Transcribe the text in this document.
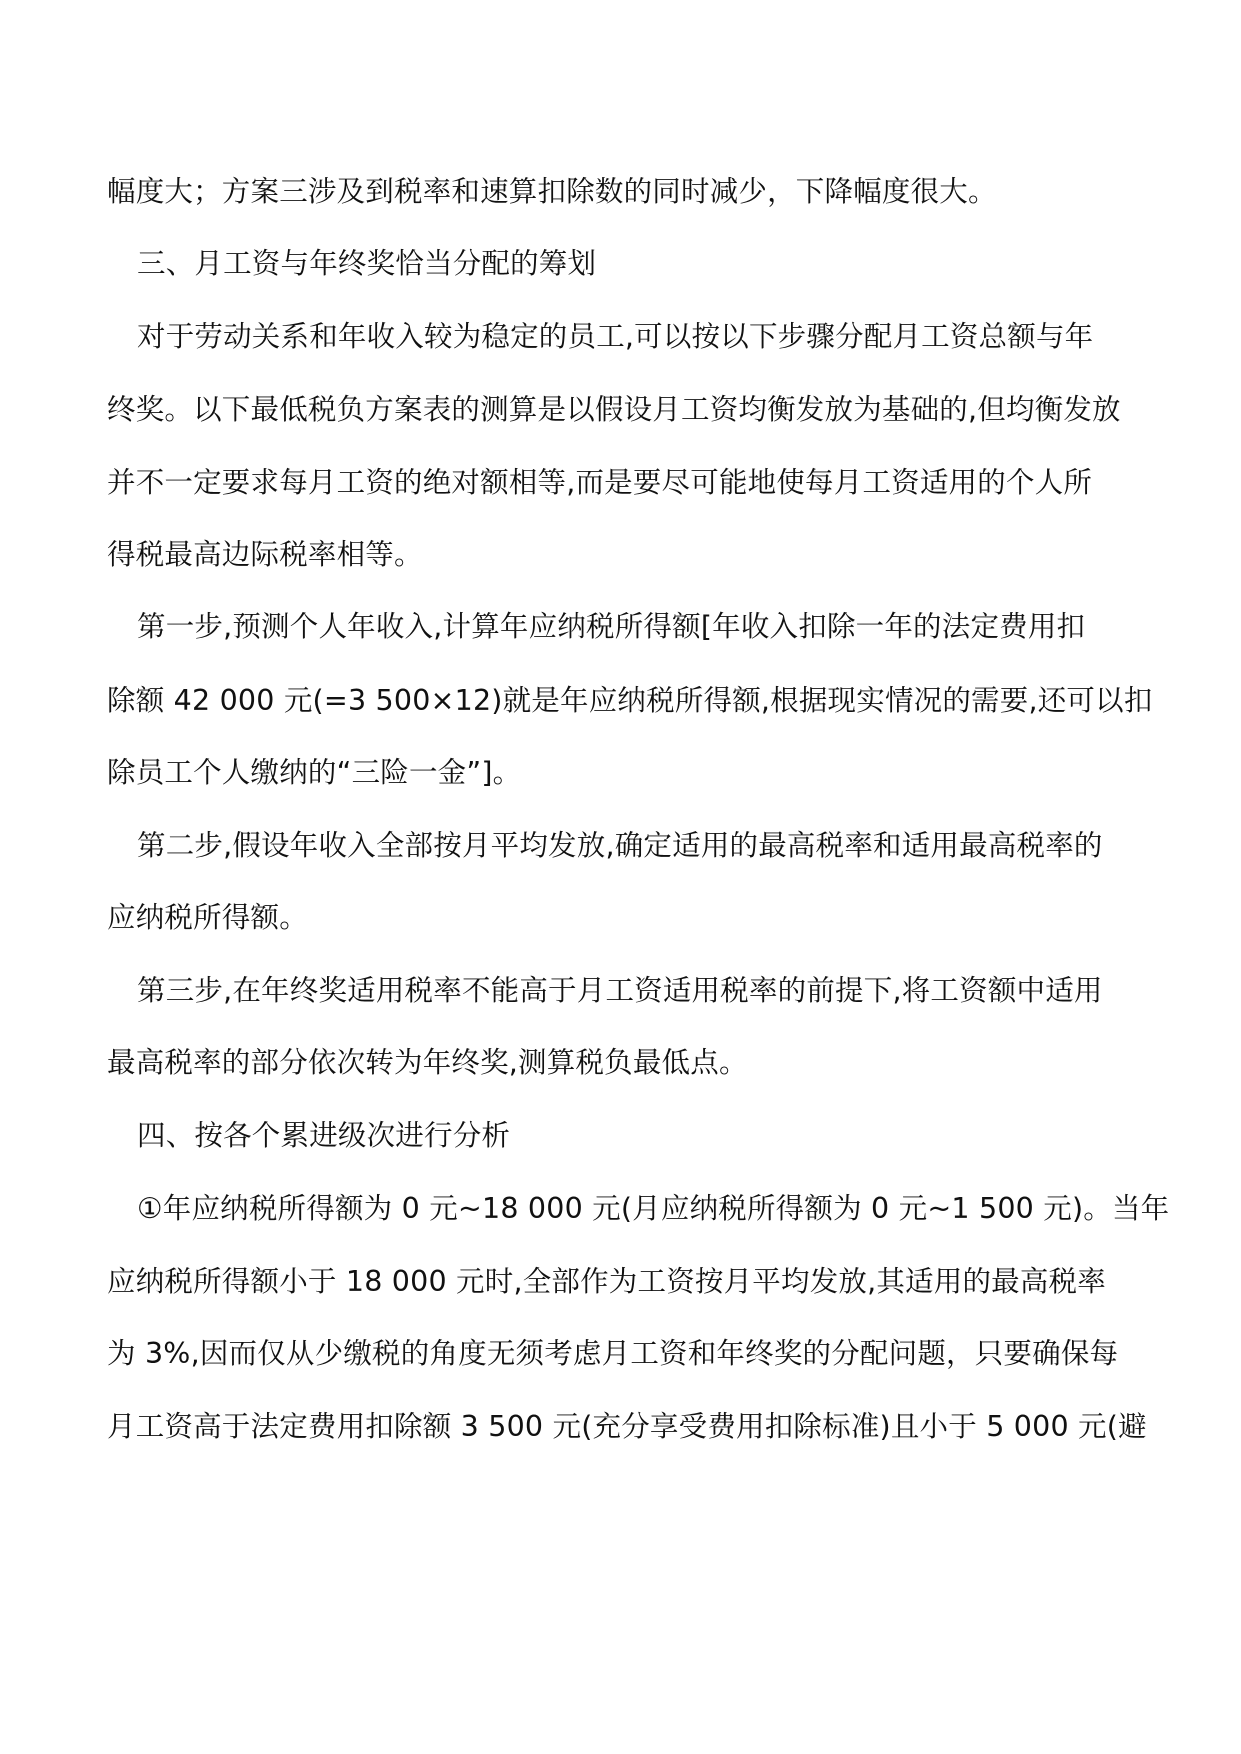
幅度大；方案三涉及到税率和速算扣除数的同时减少，下降幅度很大。
三、月工资与年终奖恰当分配的筹划
对于劳动关系和年收入较为稳定的员工,可以按以下步骤分配月工资总额与年
终奖。以下最低税负方案表的测算是以假设月工资均衡发放为基础的,但均衡发放
并不一定要求每月工资的绝对额相等,而是要尽可能地使每月工资适用的个人所
得税最高边际税率相等。
第一步,预测个人年收入,计算年应纳税所得额[年收入扣除一年的法定费用扣
除额 42 000 元(=3 500×12)就是年应纳税所得额,根据现实情况的需要,还可以扣
除员工个人缴纳的“三险一金”]。
第二步,假设年收入全部按月平均发放,确定适用的最高税率和适用最高税率的
应纳税所得额。
第三步,在年终奖适用税率不能高于月工资适用税率的前提下,将工资额中适用
最高税率的部分依次转为年终奖,测算税负最低点。
四、按各个累进级次进行分析
①年应纳税所得额为 0 元~18 000 元(月应纳税所得额为 0 元~1 500 元)。当年
应纳税所得额小于 18 000 元时,全部作为工资按月平均发放,其适用的最高税率
为 3%,因而仅从少缴税的角度无须考虑月工资和年终奖的分配问题，只要确保每
月工资高于法定费用扣除额 3 500 元(充分享受费用扣除标准)且小于 5 000 元(避
